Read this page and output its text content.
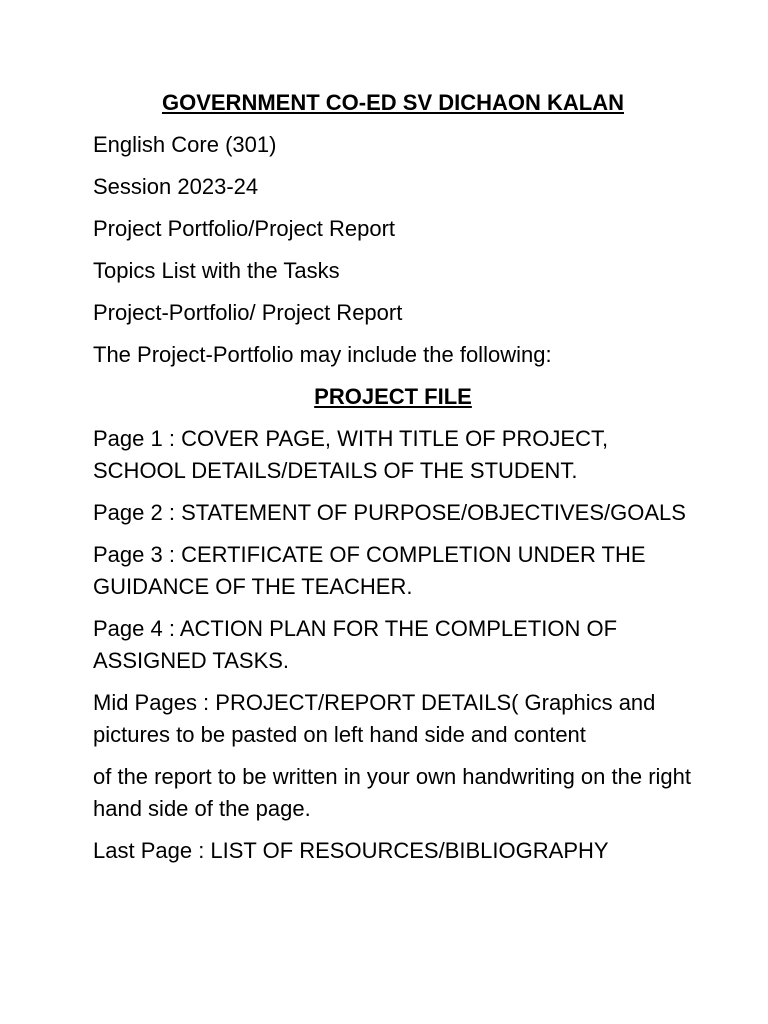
GOVERNMENT CO-ED SV DICHAON KALAN

English Core (301)

Session 2023-24

Project Portfolio/Project Report

Topics List with the Tasks

Project-Portfolio/ Project Report

The Project-Portfolio may include the following:

PROJECT FILE

Page 1 : COVER PAGE, WITH TITLE OF PROJECT, SCHOOL DETAILS/DETAILS OF THE STUDENT.

Page 2 : STATEMENT OF PURPOSE/OBJECTIVES/GOALS

Page 3 : CERTIFICATE OF COMPLETION UNDER THE GUIDANCE OF THE TEACHER.

Page 4 : ACTION PLAN FOR THE COMPLETION OF ASSIGNED TASKS.

Mid Pages : PROJECT/REPORT DETAILS( Graphics and pictures to be pasted on left hand side and content

of the report to be written in your own handwriting on the right hand side of the page.

Last Page : LIST OF RESOURCES/BIBLIOGRAPHY
